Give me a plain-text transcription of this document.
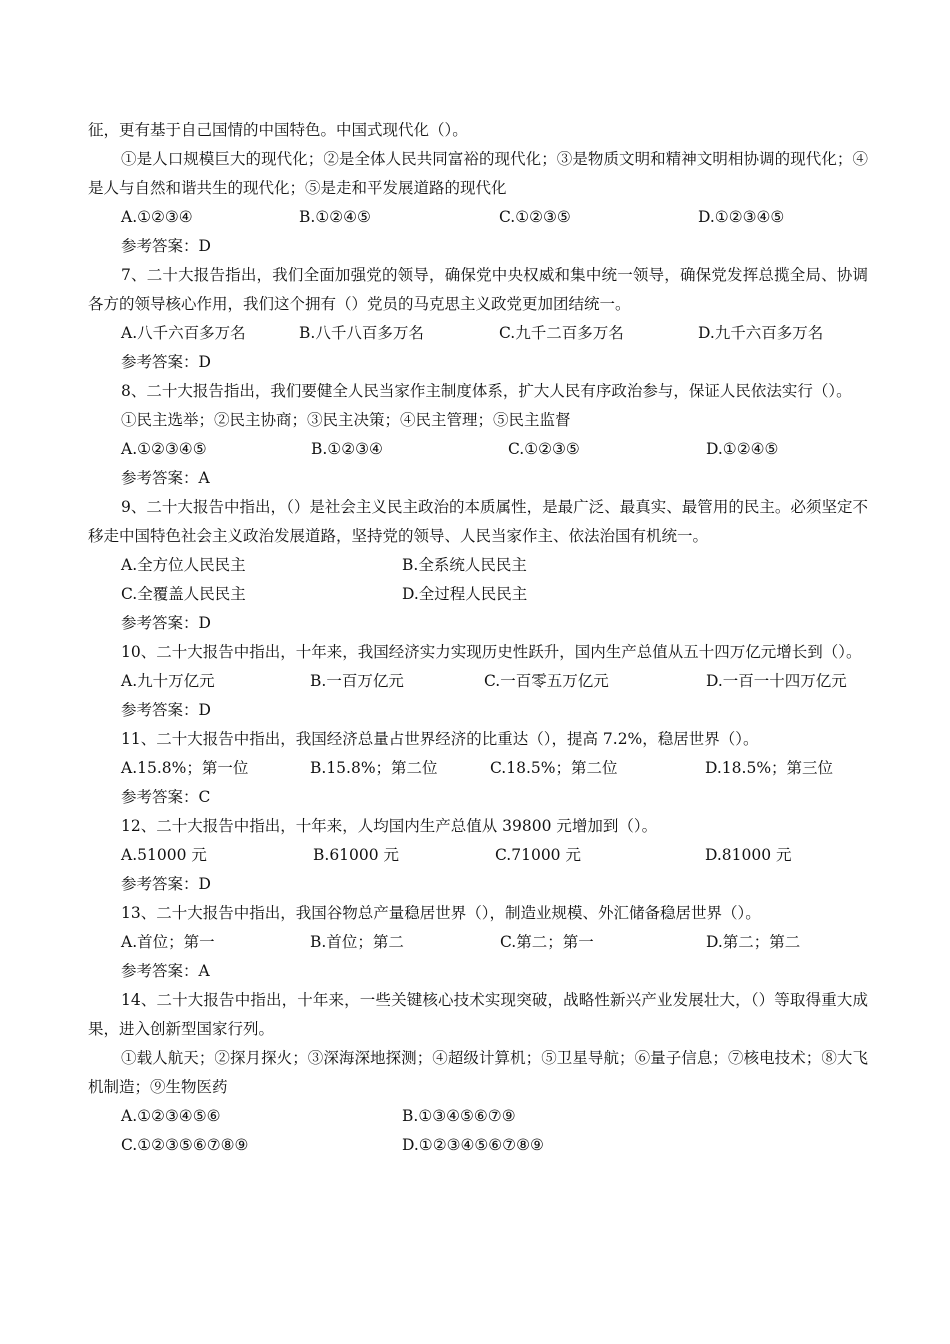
征，更有基于自己国情的中国特色。中国式现代化（）。
①是人口规模巨大的现代化；②是全体人民共同富裕的现代化；③是物质文明和精神文明相协调的现代化；④是人与自然和谐共生的现代化；⑤是走和平发展道路的现代化
A.①②③④	B.①②④⑤	C.①②③⑤	D.①②③④⑤
参考答案：D
7、二十大报告指出，我们全面加强党的领导，确保党中央权威和集中统一领导，确保党发挥总揽全局、协调各方的领导核心作用，我们这个拥有（）党员的马克思主义政党更加团结统一。
A.八千六百多万名	B.八千八百多万名	C.九千二百多万名	D.九千六百多万名
参考答案：D
8、二十大报告指出，我们要健全人民当家作主制度体系，扩大人民有序政治参与，保证人民依法实行（）。
①民主选举；②民主协商；③民主决策；④民主管理；⑤民主监督
A.①②③④⑤	B.①②③④	C.①②③⑤	D.①②④⑤
参考答案：A
9、二十大报告中指出，（）是社会主义民主政治的本质属性，是最广泛、最真实、最管用的民主。必须坚定不移走中国特色社会主义政治发展道路，坚持党的领导、人民当家作主、依法治国有机统一。
A.全方位人民民主	B.全系统人民民主
C.全覆盖人民民主	D.全过程人民民主
参考答案：D
10、二十大报告中指出，十年来，我国经济实力实现历史性跃升，国内生产总值从五十四万亿元增长到（）。
A.九十万亿元	B.一百万亿元	C.一百零五万亿元	D.一百一十四万亿元
参考答案：D
11、二十大报告中指出，我国经济总量占世界经济的比重达（），提高 7.2%，稳居世界（）。
A.15.8%；第一位	B.15.8%；第二位	C.18.5%；第二位	D.18.5%；第三位
参考答案：C
12、二十大报告中指出，十年来，人均国内生产总值从 39800 元增加到（）。
A.51000 元	B.61000 元	C.71000 元	D.81000 元
参考答案：D
13、二十大报告中指出，我国谷物总产量稳居世界（），制造业规模、外汇储备稳居世界（）。
A.首位；第一	B.首位；第二	C.第二；第一	D.第二；第二
参考答案：A
14、二十大报告中指出，十年来，一些关键核心技术实现突破，战略性新兴产业发展壮大，（）等取得重大成果，进入创新型国家行列。
①载人航天；②探月探火；③深海深地探测；④超级计算机；⑤卫星导航；⑥量子信息；⑦核电技术；⑧大飞机制造；⑨生物医药
A.①②③④⑤⑥	B.①③④⑤⑥⑦⑨
C.①②③⑤⑥⑦⑧⑨	D.①②③④⑤⑥⑦⑧⑨
